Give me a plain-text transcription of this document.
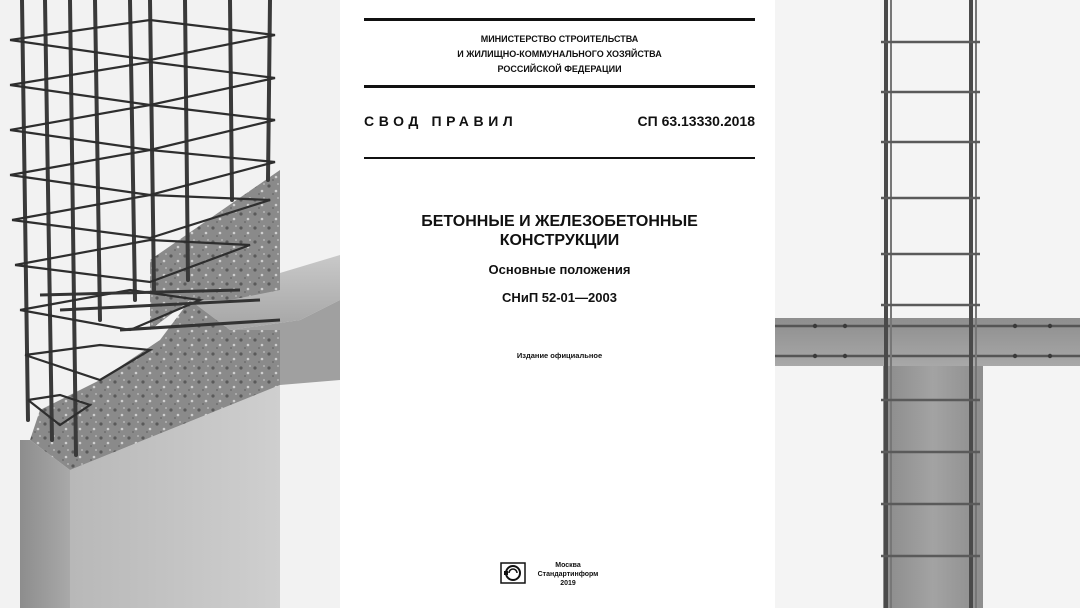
МИНИСТЕРСТВО СТРОИТЕЛЬСТВА
И ЖИЛИЩНО-КОММУНАЛЬНОГО ХОЗЯЙСТВА
РОССИЙСКОЙ ФЕДЕРАЦИИ
СВОД ПРАВИЛ	СП 63.13330.2018
БЕТОННЫЕ И ЖЕЛЕЗОБЕТОННЫЕ
КОНСТРУКЦИИ
Основные положения
СНиП 52-01—2003
Издание официальное
Москва
Стандартинформ
2019
